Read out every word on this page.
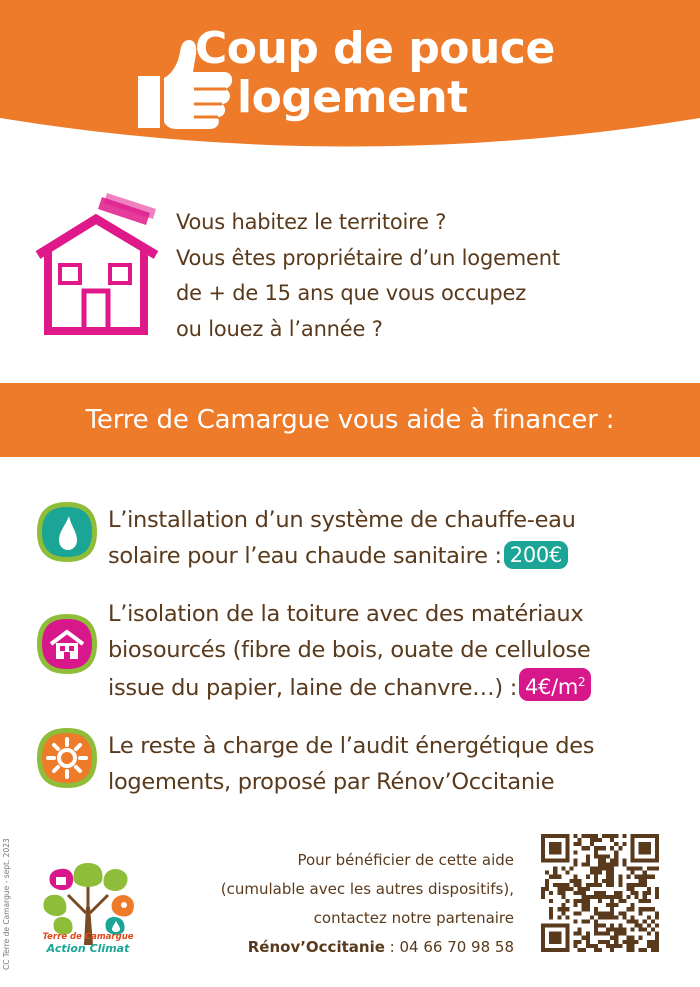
Coup de pouce
logement
Vous habitez le territoire ?
Vous êtes propriétaire d’un logement
de + de 15 ans que vous occupez
ou louez à l’année ?
Terre de Camargue vous aide à financer :
L’installation d’un système de chauffe-eau
solaire pour l’eau chaude sanitaire : 200€
L’isolation de la toiture avec des matériaux
biosourcés (fibre de bois, ouate de cellulose
issue du papier, laine de chanvre…) : $4€/m^2$
Le reste à charge de l’audit énergétique des
logements, proposé par Rénov’Occitanie
CC Terre de Camargue - sept. 2023	Terre de Camargue
Action Climat
Pour bénéficier de cette aide
(cumulable avec les autres dispositifs),
contactez notre partenaire
Rénov’Occitanie : 04 66 70 98 58
